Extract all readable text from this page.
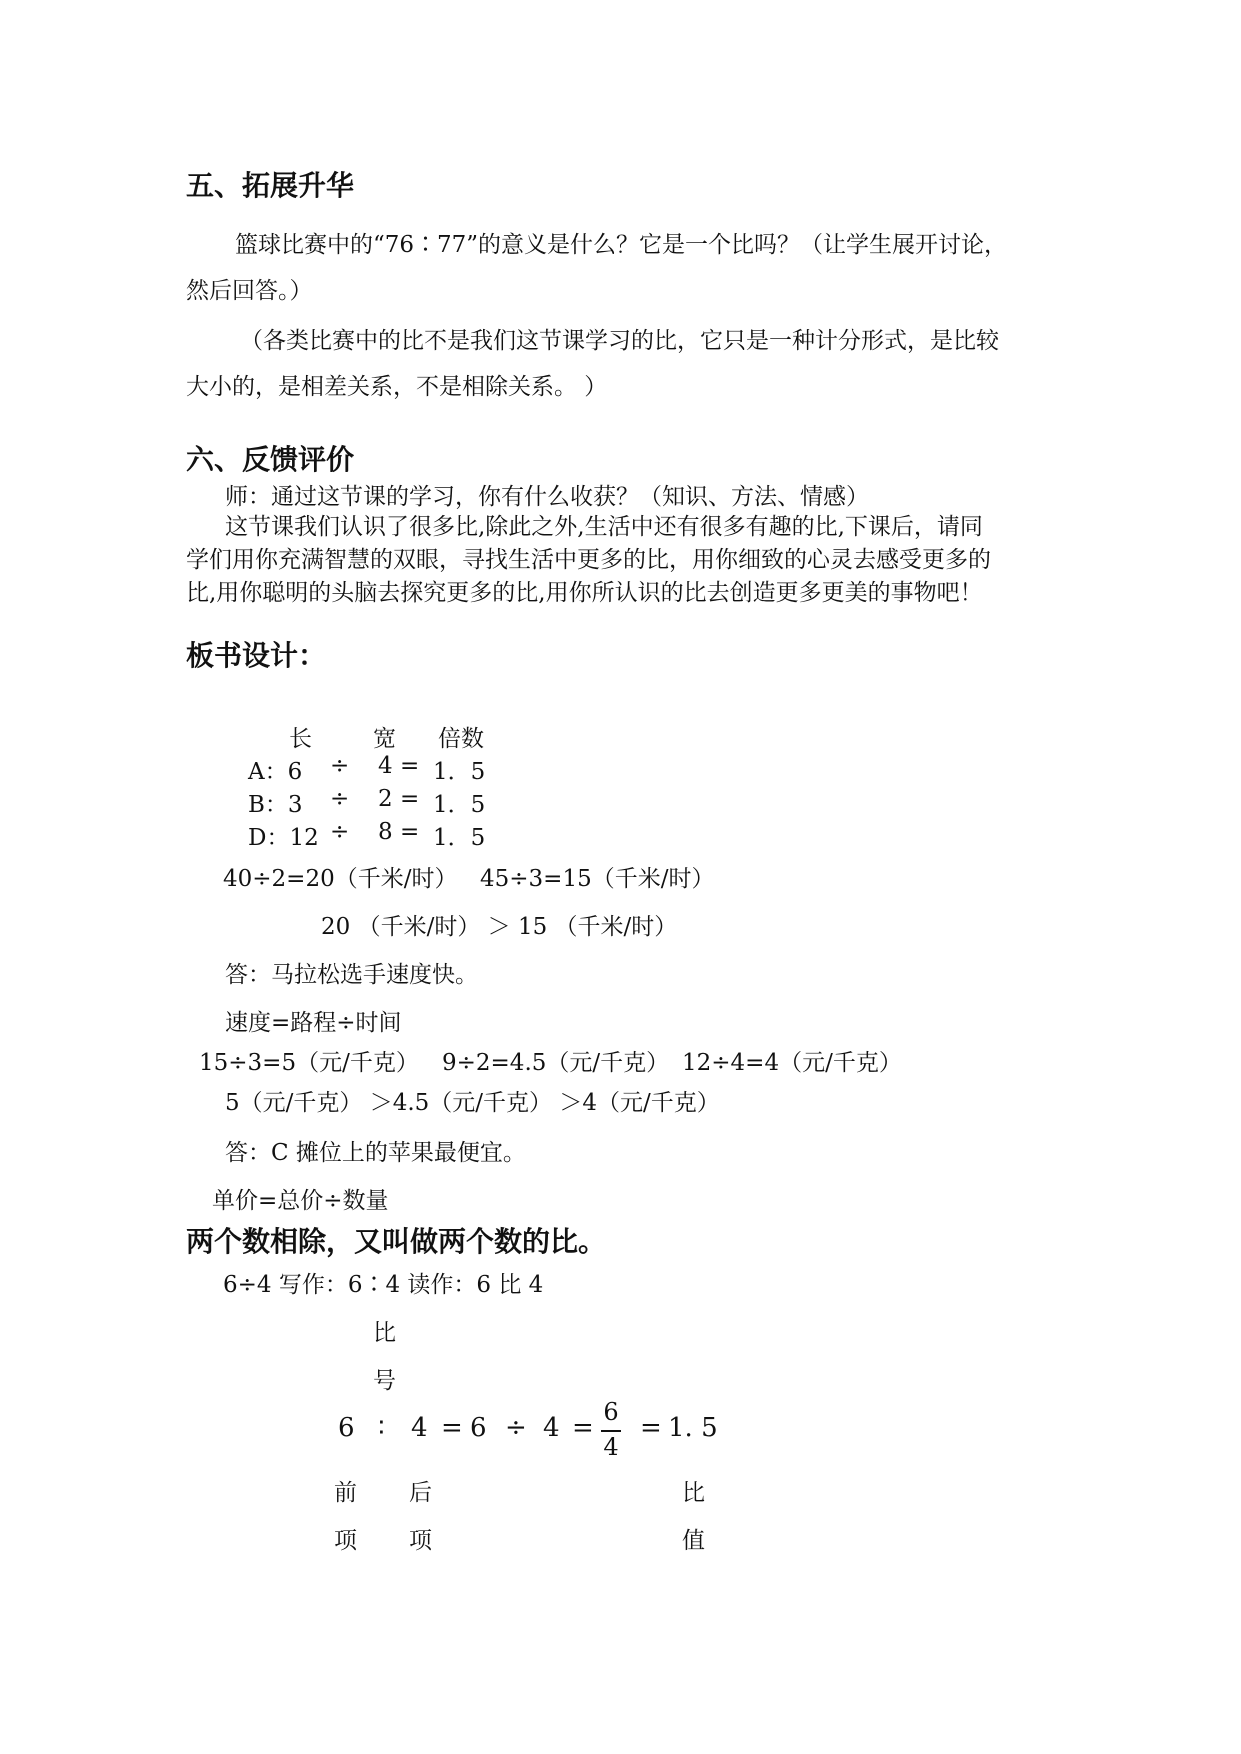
五、拓展升华
篮球比赛中的“76∶77”的意义是什么？它是一个比吗？（让学生展开讨论，
然后回答。）
（各类比赛中的比不是我们这节课学习的比，它只是一种计分形式，是比较
大小的，是相差关系，不是相除关系。 ）
六、反馈评价
师：通过这节课的学习，你有什么收获？（知识、方法、情感）
这节课我们认识了很多比,除此之外,生活中还有很多有趣的比,下课后，请同
学们用你充满智慧的双眼，寻找生活中更多的比，用你细致的心灵去感受更多的
比,用你聪明的头脑去探究更多的比,用你所认识的比去创造更多更美的事物吧！
板书设计：
长	宽 倍数
A：6 ÷ 4 = 1．5
B：3 ÷ 2 = 1．5
D：12 ÷ 8 = 1．5
40÷2=20（千米/时） 45÷3=15（千米/时）
20 （千米/时） ＞ 15 （千米/时）
答：马拉松选手速度快。
速度=路程÷时间
15÷3=5（元/千克） 9÷2=4.5（元/千克） 12÷4=4（元/千克）
5（元/千克） ＞4.5（元/千克） ＞4（元/千克）
答：C 摊位上的苹果最便宜。
单价=总价÷数量
两个数相除，又叫做两个数的比。
6÷4 写作：6∶4 读作：6 比 4
比
号
6 ∶ 4 = 6 ÷ 4 =
6
4
= 1. 5
前
项
后
项
比
值
